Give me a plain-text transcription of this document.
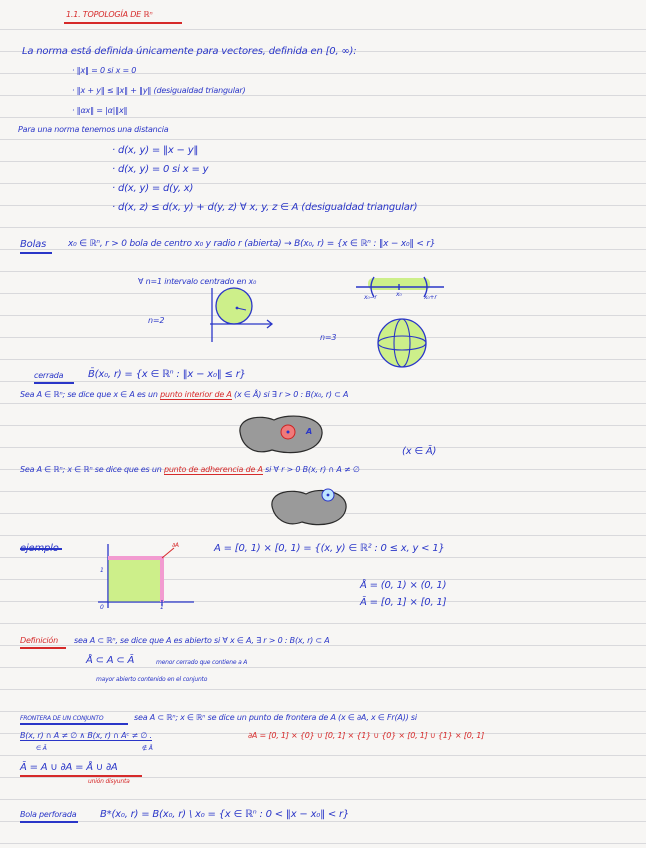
1.1. TOPOLOGÍA DE ℝⁿ
La norma está definida únicamente para vectores, definida en [0, ∞):
· ‖x‖ = 0 si x = 0
· ‖x + y‖ ≤ ‖x‖ + ‖y‖ (desigualdad triangular)
· ‖αx‖ = |α|‖x‖
Para una norma tenemos una distancia
· d(x, y) = ‖x − y‖
· d(x, y) = 0 si x = y
· d(x, y) = d(y, x)
· d(x, z) ≤ d(x, y) + d(y, z) ∀ x, y, z ∈ A (desigualdad triangular)
Bolas x₀ ∈ ℝⁿ, r > 0 bola de centro x₀ y radio r (abierta) → B(x₀, r) = {x ∈ ℝⁿ : ‖x − x₀‖ < r}
∀ n=1 intervalo centrado en x₀
x₀−r	x₀	x₀+r
n=2
n=3
cerrada B̄(x₀, r) = {x ∈ ℝⁿ : ‖x − x₀‖ ≤ r}
Sea A ∈ ℝⁿ; se dice que x ∈ A es un punto interior de A (x ∈ Å) si ∃ r > 0 : B(x₀, r) ⊂ A
A
(x ∈ Ā)
Sea A ∈ ℝⁿ; x ∈ ℝⁿ se dice que es un punto de adherencia de A si ∀ r > 0 B(x, r) ∩ A ≠ ∅
A = [0, 1) × [0, 1) = {(x, y) ∈ ℝ² : 0 ≤ x, y < 1}
∂A
1
0	1
Å = (0, 1) × (0, 1)
Ā = [0, 1] × [0, 1]
Definición sea A ⊂ ℝⁿ, se dice que A es abierto si ∀ x ∈ A, ∃ r > 0 : B(x, r) ⊂ A
Å ⊂ A ⊂ Ā	menor cerrado que contiene a A
mayor abierto contenido en el conjunto
FRONTERA DE UN CONJUNTO	sea A ⊂ ℝⁿ; x ∈ ℝⁿ se dice un punto de frontera de A (x ∈ ∂A, x ∈ Fr(A)) si
B(x, r) ∩ A ≠ ∅ ∧ B(x, r) ∩ Aᶜ ≠ ∅ .
∈ Ā	∉ Å
∂A = [0, 1] × {0} ∪ [0, 1] × {1} ∪ {0} × [0, 1] ∪ {1} × [0, 1]
Ā = A ∪ ∂A = Å ∪ ∂A
unión disyunta
Bola perforada B*(x₀, r) = B(x₀, r) \ x₀ = {x ∈ ℝⁿ : 0 < ‖x − x₀‖ < r}
